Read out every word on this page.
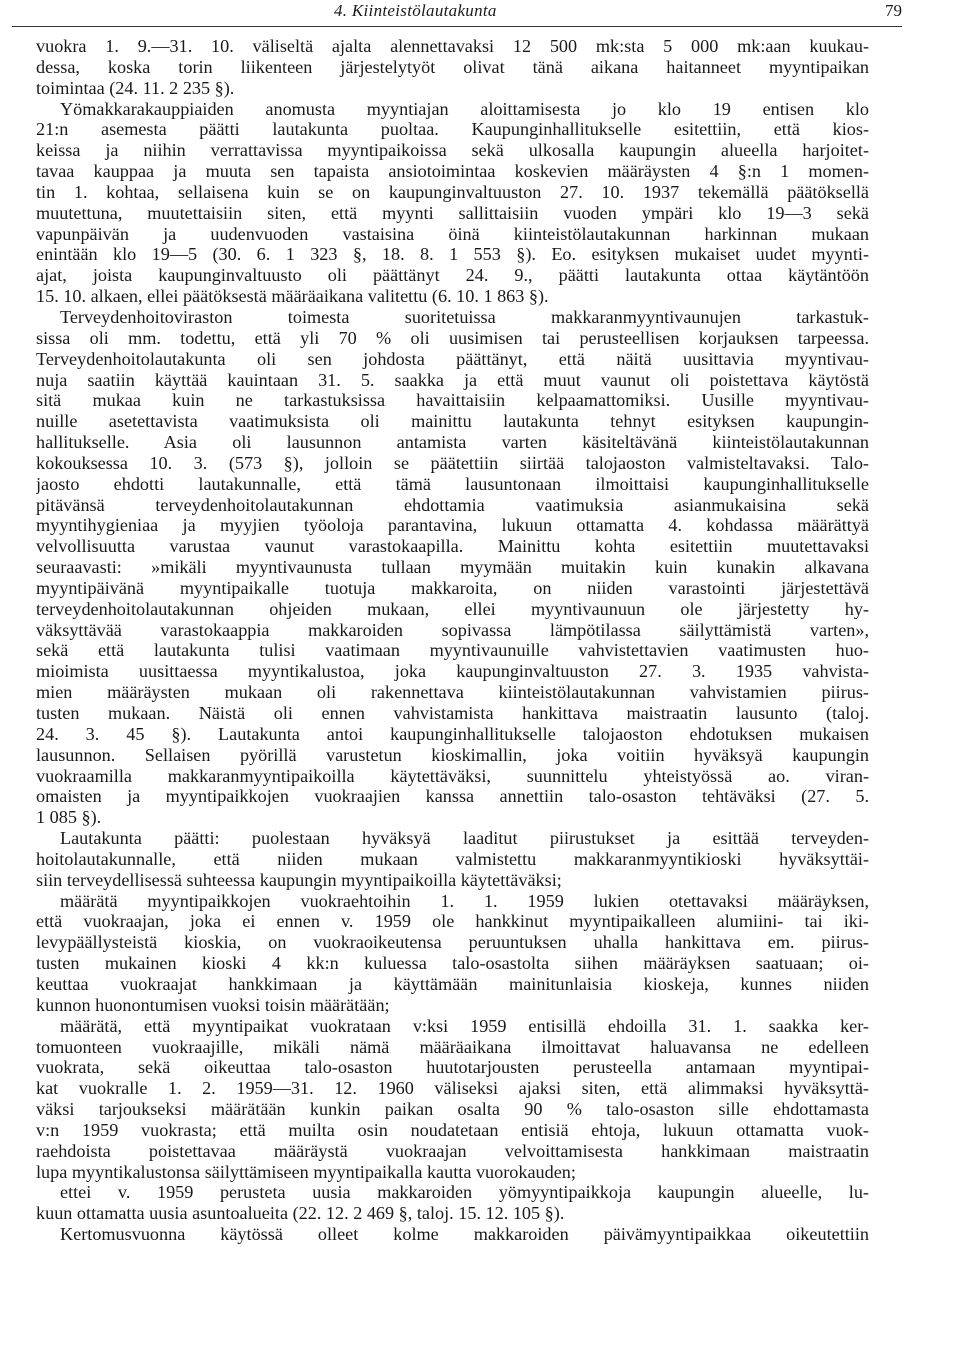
4. Kiinteistölautakunta	79
vuokra 1. 9.—31. 10. väliseltä ajalta alennettavaksi 12 500 mk:sta 5 000 mk:aan kuukau-
dessa, koska torin liikenteen järjestelytyöt olivat tänä aikana haitanneet myyntipaikan
toimintaa (24. 11. 2 235 §).
Yömakkarakauppiaiden anomusta myyntiajan aloittamisesta jo klo 19 entisen klo
21:n asemesta päätti lautakunta puoltaa. Kaupunginhallitukselle esitettiin, että kios-
keissa ja niihin verrattavissa myyntipaikoissa sekä ulkosalla kaupungin alueella harjoitet-
tavaa kauppaa ja muuta sen tapaista ansiotoimintaa koskevien määräysten 4 §:n 1 momen-
tin 1. kohtaa, sellaisena kuin se on kaupunginvaltuuston 27. 10. 1937 tekemällä päätöksellä
muutettuna, muutettaisiin siten, että myynti sallittaisiin vuoden ympäri klo 19—3 sekä
vapunpäivän ja uudenvuoden vastaisina öinä kiinteistölautakunnan harkinnan mukaan
enintään klo 19—5 (30. 6. 1 323 §, 18. 8. 1 553 §). Eo. esityksen mukaiset uudet myynti-
ajat, joista kaupunginvaltuusto oli päättänyt 24. 9., päätti lautakunta ottaa käytäntöön
15. 10. alkaen, ellei päätöksestä määräaikana valitettu (6. 10. 1 863 §).
Terveydenhoitoviraston toimesta suoritetuissa makkaranmyyntivaunujen tarkastuk-
sissa oli mm. todettu, että yli 70 % oli uusimisen tai perusteellisen korjauksen tarpeessa.
Terveydenhoitolautakunta oli sen johdosta päättänyt, että näitä uusittavia myyntivau-
nuja saatiin käyttää kauintaan 31. 5. saakka ja että muut vaunut oli poistettava käytöstä
sitä mukaa kuin ne tarkastuksissa havaittaisiin kelpaamattomiksi. Uusille myyntivau-
nuille asetettavista vaatimuksista oli mainittu lautakunta tehnyt esityksen kaupungin-
hallitukselle. Asia oli lausunnon antamista varten käsiteltävänä kiinteistölautakunnan
kokouksessa 10. 3. (573 §), jolloin se päätettiin siirtää talojaoston valmisteltavaksi. Talo-
jaosto ehdotti lautakunnalle, että tämä lausuntonaan ilmoittaisi kaupunginhallitukselle
pitävänsä terveydenhoitolautakunnan ehdottamia vaatimuksia asianmukaisina sekä
myyntihygieniaa ja myyjien työoloja parantavina, lukuun ottamatta 4. kohdassa määrättyä
velvollisuutta varustaa vaunut varastokaapilla. Mainittu kohta esitettiin muutettavaksi
seuraavasti: »mikäli myyntivaunusta tullaan myymään muitakin kuin kunakin alkavana
myyntipäivänä myyntipaikalle tuotuja makkaroita, on niiden varastointi järjestettävä
terveydenhoitolautakunnan ohjeiden mukaan, ellei myyntivaunuun ole järjestetty hy-
väksyttävää varastokaappia makkaroiden sopivassa lämpötilassa säilyttämistä varten»,
sekä että lautakunta tulisi vaatimaan myyntivaunuille vahvistettavien vaatimusten huo-
mioimista uusittaessa myyntikalustoa, joka kaupunginvaltuuston 27. 3. 1935 vahvista-
mien määräysten mukaan oli rakennettava kiinteistölautakunnan vahvistamien piirus-
tusten mukaan. Näistä oli ennen vahvistamista hankittava maistraatin lausunto (taloj.
24. 3. 45 §). Lautakunta antoi kaupunginhallitukselle talojaoston ehdotuksen mukaisen
lausunnon. Sellaisen pyörillä varustetun kioskimallin, joka voitiin hyväksyä kaupungin
vuokraamilla makkaranmyyntipaikoilla käytettäväksi, suunnittelu yhteistyössä ao. viran-
omaisten ja myyntipaikkojen vuokraajien kanssa annettiin talo-osaston tehtäväksi (27. 5.
1 085 §).
Lautakunta päätti: puolestaan hyväksyä laaditut piirustukset ja esittää terveyden-
hoitolautakunnalle, että niiden mukaan valmistettu makkaranmyyntikioski hyväksyttäi-
siin terveydellisessä suhteessa kaupungin myyntipaikoilla käytettäväksi;
määrätä myyntipaikkojen vuokraehtoihin 1. 1. 1959 lukien otettavaksi määräyksen,
että vuokraajan, joka ei ennen v. 1959 ole hankkinut myyntipaikalleen alumiini- tai iki-
levypäällysteistä kioskia, on vuokraoikeutensa peruuntuksen uhalla hankittava em. piirus-
tusten mukainen kioski 4 kk:n kuluessa talo-osastolta siihen määräyksen saatuaan; oi-
keuttaa vuokraajat hankkimaan ja käyttämään mainitunlaisia kioskeja, kunnes niiden
kunnon huonontumisen vuoksi toisin määrätään;
määrätä, että myyntipaikat vuokrataan v:ksi 1959 entisillä ehdoilla 31. 1. saakka ker-
tomuonteen vuokraajille, mikäli nämä määräaikana ilmoittavat haluavansa ne edelleen
vuokrata, sekä oikeuttaa talo-osaston huutotarjousten perusteella antamaan myyntipai-
kat vuokralle 1. 2. 1959—31. 12. 1960 väliseksi ajaksi siten, että alimmaksi hyväksyttä-
väksi tarjoukseksi määrätään kunkin paikan osalta 90 % talo-osaston sille ehdottamasta
v:n 1959 vuokrasta; että muilta osin noudatetaan entisiä ehtoja, lukuun ottamatta vuok-
raehdoista poistettavaa määräystä vuokraajan velvoittamisesta hankkimaan maistraatin
lupa myyntikalustonsa säilyttämiseen myyntipaikalla kautta vuorokauden;
ettei v. 1959 perusteta uusia makkaroiden yömyyntipaikkoja kaupungin alueelle, lu-
kuun ottamatta uusia asuntoalueita (22. 12. 2 469 §, taloj. 15. 12. 105 §).
Kertomusvuonna käytössä olleet kolme makkaroiden päivämyyntipaikkaa oikeutettiin
